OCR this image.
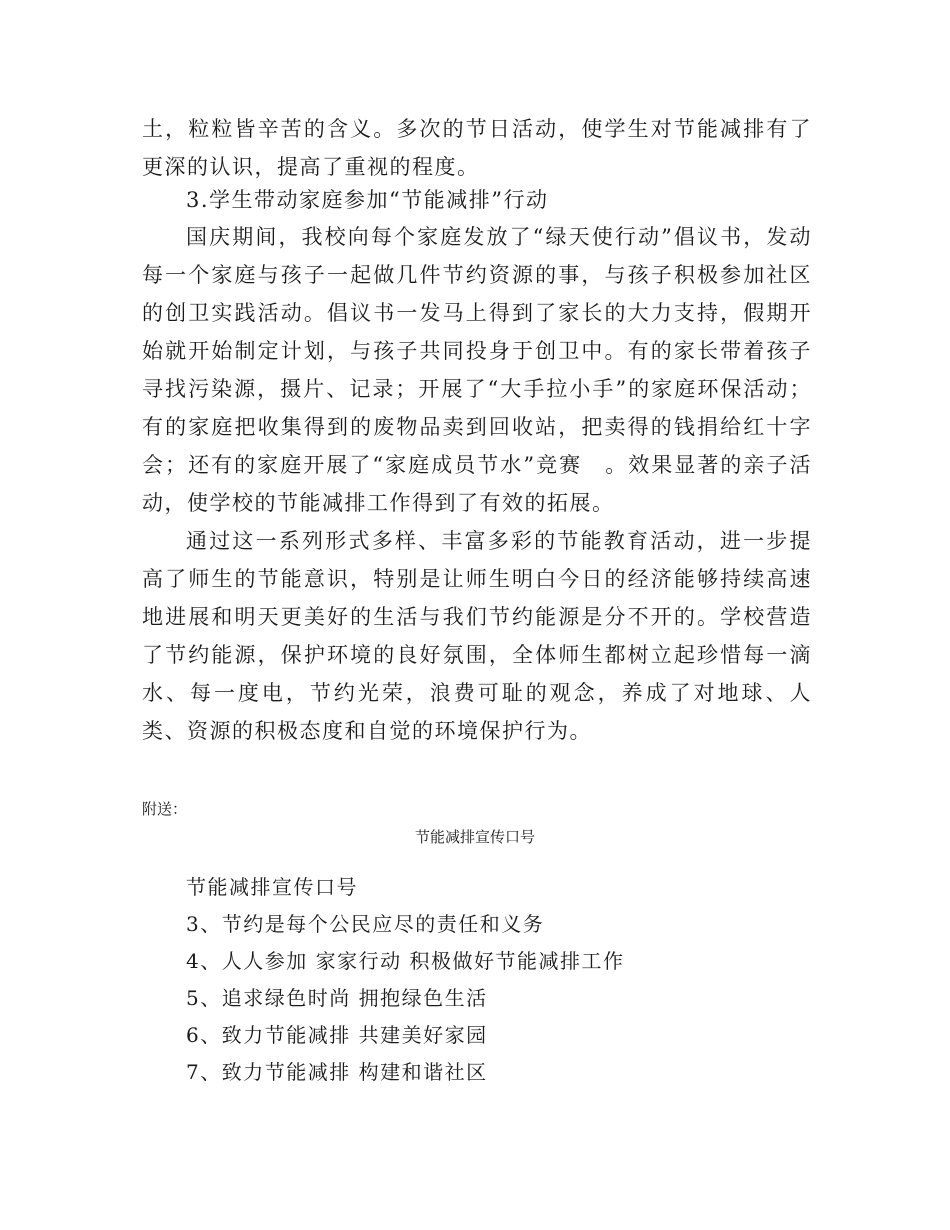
土，粒粒皆辛苦的含义。多次的节日活动，使学生对节能减排有了更深的认识，提高了重视的程度。

3.学生带动家庭参加“节能减排”行动

国庆期间，我校向每个家庭发放了“绿天使行动”倡议书，发动每一个家庭与孩子一起做几件节约资源的事，与孩子积极参加社区的创卫实践活动。倡议书一发马上得到了家长的大力支持，假期开始就开始制定计划，与孩子共同投身于创卫中。有的家长带着孩子寻找污染源，摄片、记录；开展了“大手拉小手”的家庭环保活动；有的家庭把收集得到的废物品卖到回收站，把卖得的钱捐给红十字会；还有的家庭开展了“家庭成员节水”竞赛　。效果显著的亲子活动，使学校的节能减排工作得到了有效的拓展。

通过这一系列形式多样、丰富多彩的节能教育活动，进一步提高了师生的节能意识，特别是让师生明白今日的经济能够持续高速地进展和明天更美好的生活与我们节约能源是分不开的。学校营造了节约能源，保护环境的良好氛围，全体师生都树立起珍惜每一滴水、每一度电，节约光荣，浪费可耻的观念，养成了对地球、人类、资源的积极态度和自觉的环境保护行为。

附送：

节能减排宣传口号

节能减排宣传口号
3、节约是每个公民应尽的责任和义务
4、人人参加 家家行动 积极做好节能减排工作
5、追求绿色时尚 拥抱绿色生活
6、致力节能减排 共建美好家园
7、致力节能减排 构建和谐社区
